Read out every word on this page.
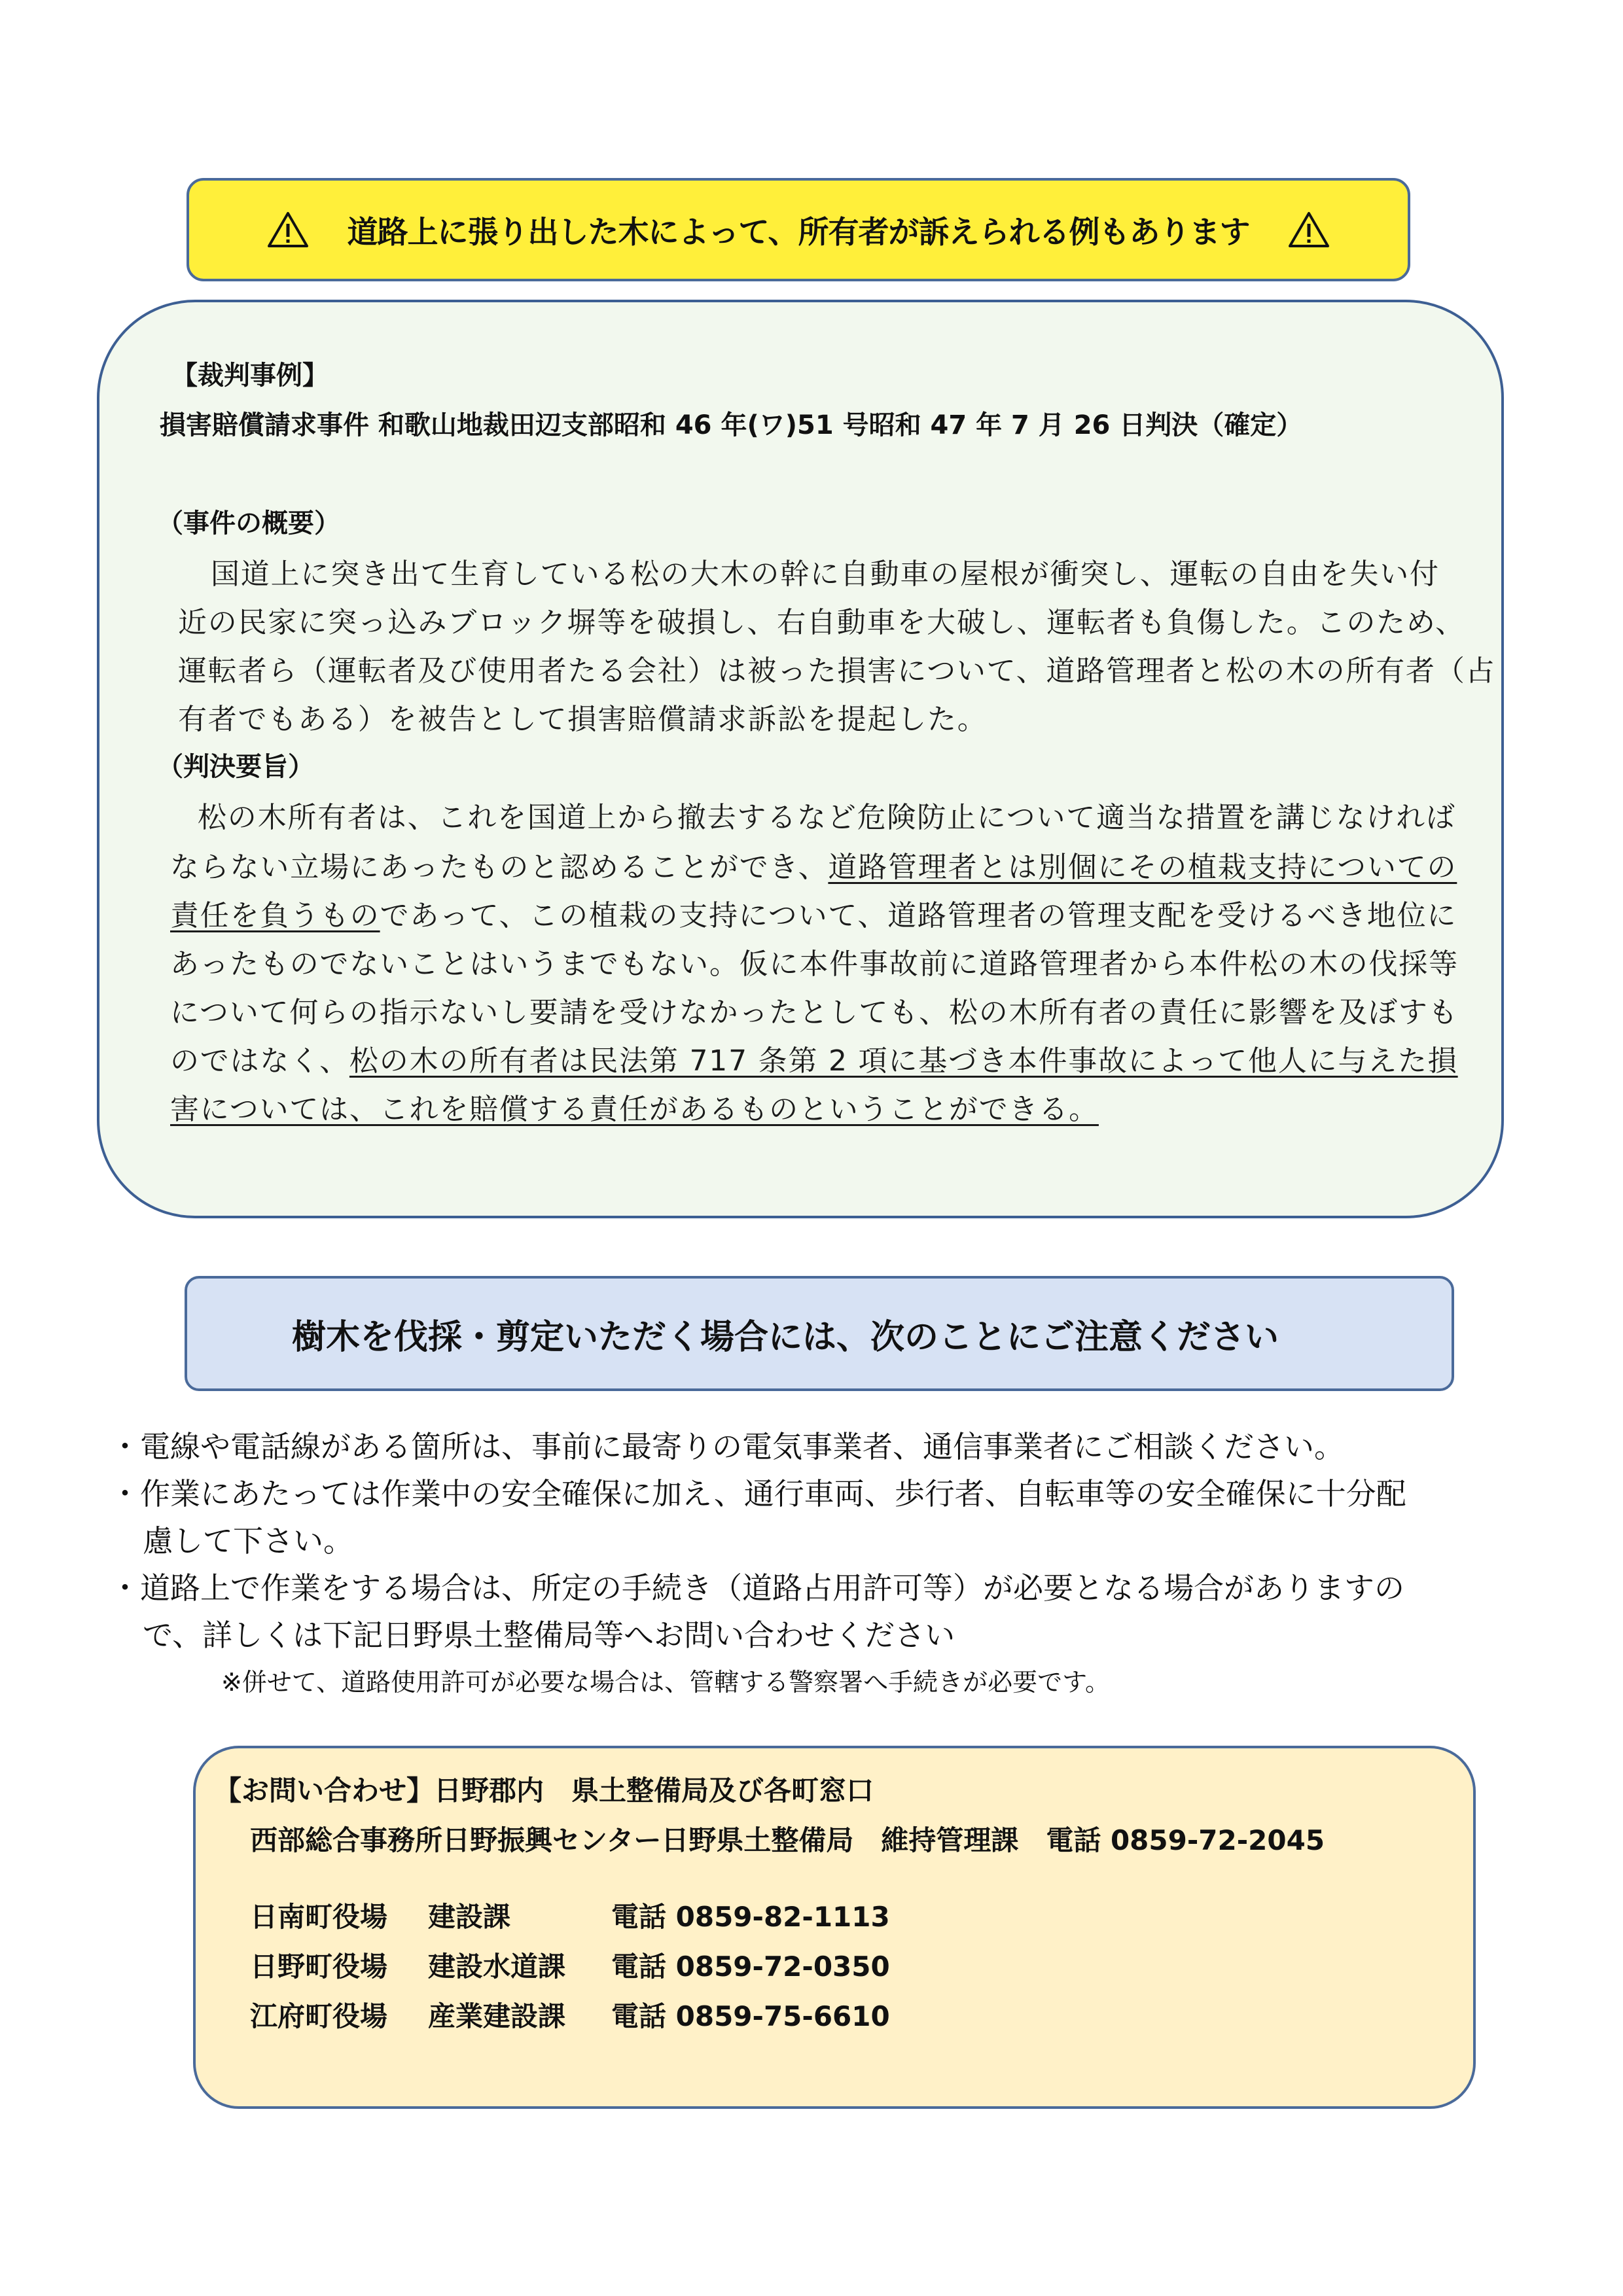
道路上に張り出した木によって、所有者が訴えられる例もあります
【裁判事例】
損害賠償請求事件 和歌山地裁田辺支部昭和 46 年(ワ)51 号昭和 47 年 7 月 26 日判決（確定）
（事件の概要）
国道上に突き出て生育している松の大木の幹に自動車の屋根が衝突し、運転の自由を失い付
近の民家に突っ込みブロック塀等を破損し、右自動車を大破し、運転者も負傷した。このため、
運転者ら（運転者及び使用者たる会社）は被った損害について、道路管理者と松の木の所有者（占
有者でもある）を被告として損害賠償請求訴訟を提起した。
（判決要旨）
松の木所有者は、これを国道上から撤去するなど危険防止について適当な措置を講じなければ
ならない立場にあったものと認めることができ、道路管理者とは別個にその植栽支持についての
責任を負うものであって、この植栽の支持について、道路管理者の管理支配を受けるべき地位に
あったものでないことはいうまでもない。仮に本件事故前に道路管理者から本件松の木の伐採等
について何らの指示ないし要請を受けなかったとしても、松の木所有者の責任に影響を及ぼすも
のではなく、松の木の所有者は民法第 717 条第 2 項に基づき本件事故によって他人に与えた損
害については、これを賠償する責任があるものということができる。
樹木を伐採・剪定いただく場合には、次のことにご注意ください
・電線や電話線がある箇所は、事前に最寄りの電気事業者、通信事業者にご相談ください。
・作業にあたっては作業中の安全確保に加え、通行車両、歩行者、自転車等の安全確保に十分配
慮して下さい。
・道路上で作業をする場合は、所定の手続き（道路占用許可等）が必要となる場合がありますの
で、詳しくは下記日野県土整備局等へお問い合わせください
※併せて、道路使用許可が必要な場合は、管轄する警察署へ手続きが必要です。
【お問い合わせ】日野郡内　県土整備局及び各町窓口
西部総合事務所日野振興センター日野県土整備局　維持管理課　電話 0859-72-2045
日南町役場 建設課	電話 0859-82-1113
日野町役場 建設水道課 電話 0859-72-0350
江府町役場 産業建設課 電話 0859-75-6610
